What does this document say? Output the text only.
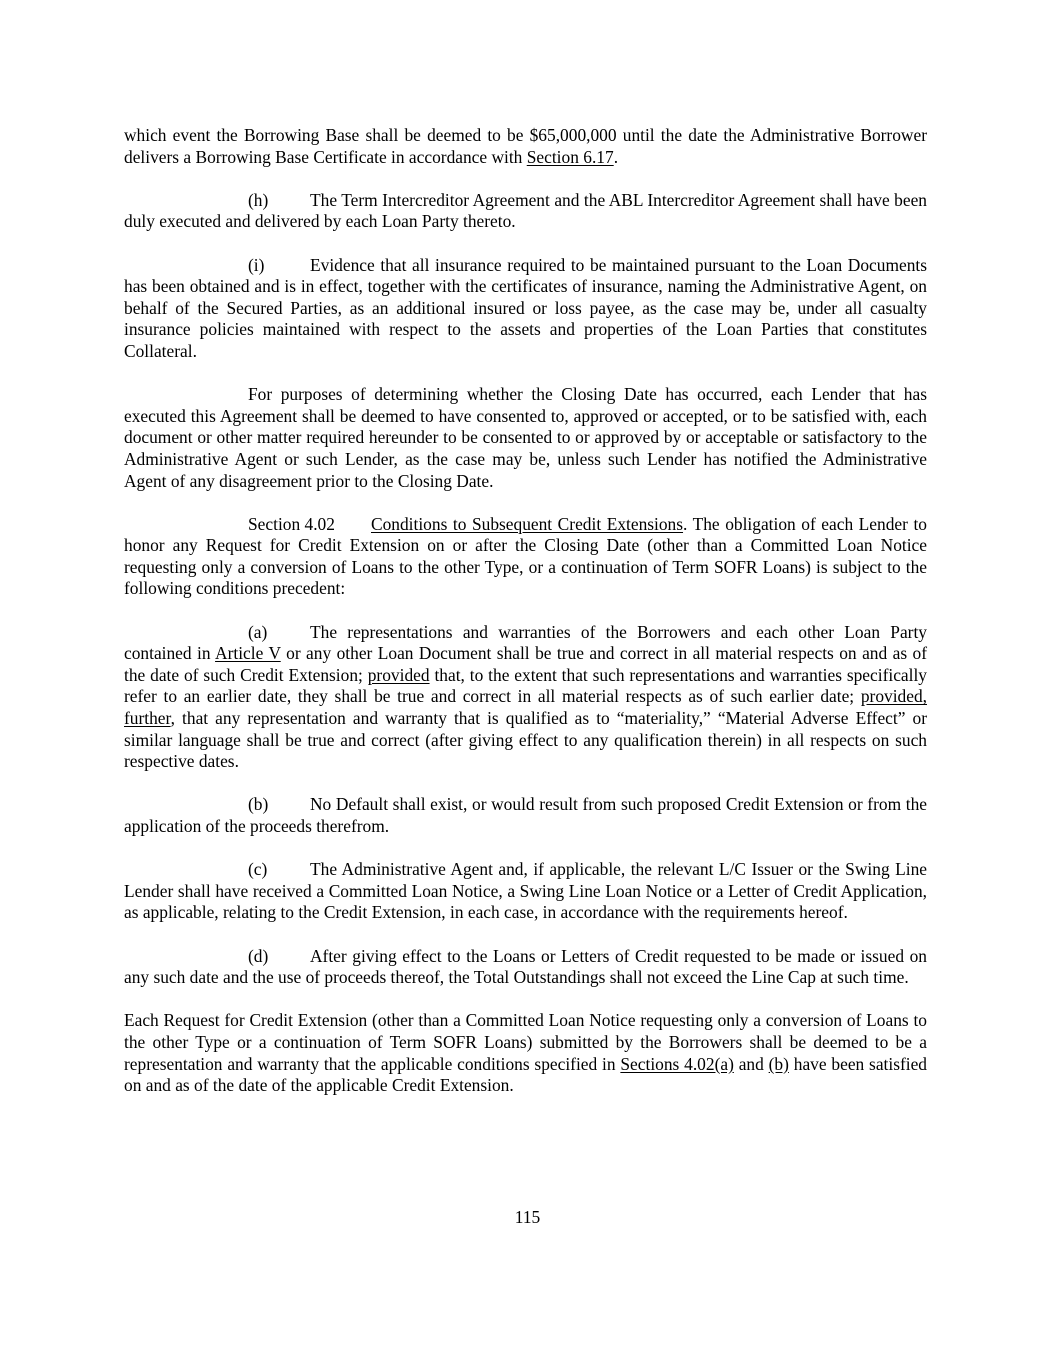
which event the Borrowing Base shall be deemed to be $65,000,000 until the date the Administrative Borrower delivers a Borrowing Base Certificate in accordance with Section 6.17.

(h) The Term Intercreditor Agreement and the ABL Intercreditor Agreement shall have been duly executed and delivered by each Loan Party thereto.

(i)	Evidence that all insurance required to be maintained pursuant to the Loan Documents has been obtained and is in effect, together with the certificates of insurance, naming the Administrative Agent, on behalf of the Secured Parties, as an additional insured or loss payee, as the case may be, under all casualty insurance policies maintained with respect to the assets and properties of the Loan Parties that constitutes Collateral.

For purposes of determining whether the Closing Date has occurred, each Lender that has executed this Agreement shall be deemed to have consented to, approved or accepted, or to be satisfied with, each document or other matter required hereunder to be consented to or approved by or acceptable or satisfactory to the Administrative Agent or such Lender, as the case may be, unless such Lender has notified the Administrative Agent of any disagreement prior to the Closing Date.

Section 4.02 Conditions to Subsequent Credit Extensions. The obligation of each Lender to honor any Request for Credit Extension on or after the Closing Date (other than a Committed Loan Notice requesting only a conversion of Loans to the other Type, or a continuation of Term SOFR Loans) is subject to the following conditions precedent:

(a) The representations and warranties of the Borrowers and each other Loan Party contained in Article V or any other Loan Document shall be true and correct in all material respects on and as of the date of such Credit Extension; provided that, to the extent that such representations and warranties specifically refer to an earlier date, they shall be true and correct in all material respects as of such earlier date; provided, further, that any representation and warranty that is qualified as to “materiality,” “Material Adverse Effect” or similar language shall be true and correct (after giving effect to any qualification therein) in all respects on such respective dates.

(b) No Default shall exist, or would result from such proposed Credit Extension or from the application of the proceeds therefrom.

(c) The Administrative Agent and, if applicable, the relevant L/C Issuer or the Swing Line Lender shall have received a Committed Loan Notice, a Swing Line Loan Notice or a Letter of Credit Application, as applicable, relating to the Credit Extension, in each case, in accordance with the requirements hereof.

(d) After giving effect to the Loans or Letters of Credit requested to be made or issued on any such date and the use of proceeds thereof, the Total Outstandings shall not exceed the Line Cap at such time.

Each Request for Credit Extension (other than a Committed Loan Notice requesting only a conversion of Loans to the other Type or a continuation of Term SOFR Loans) submitted by the Borrowers shall be deemed to be a representation and warranty that the applicable conditions specified in Sections 4.02(a) and (b) have been satisfied on and as of the date of the applicable Credit Extension.

115
